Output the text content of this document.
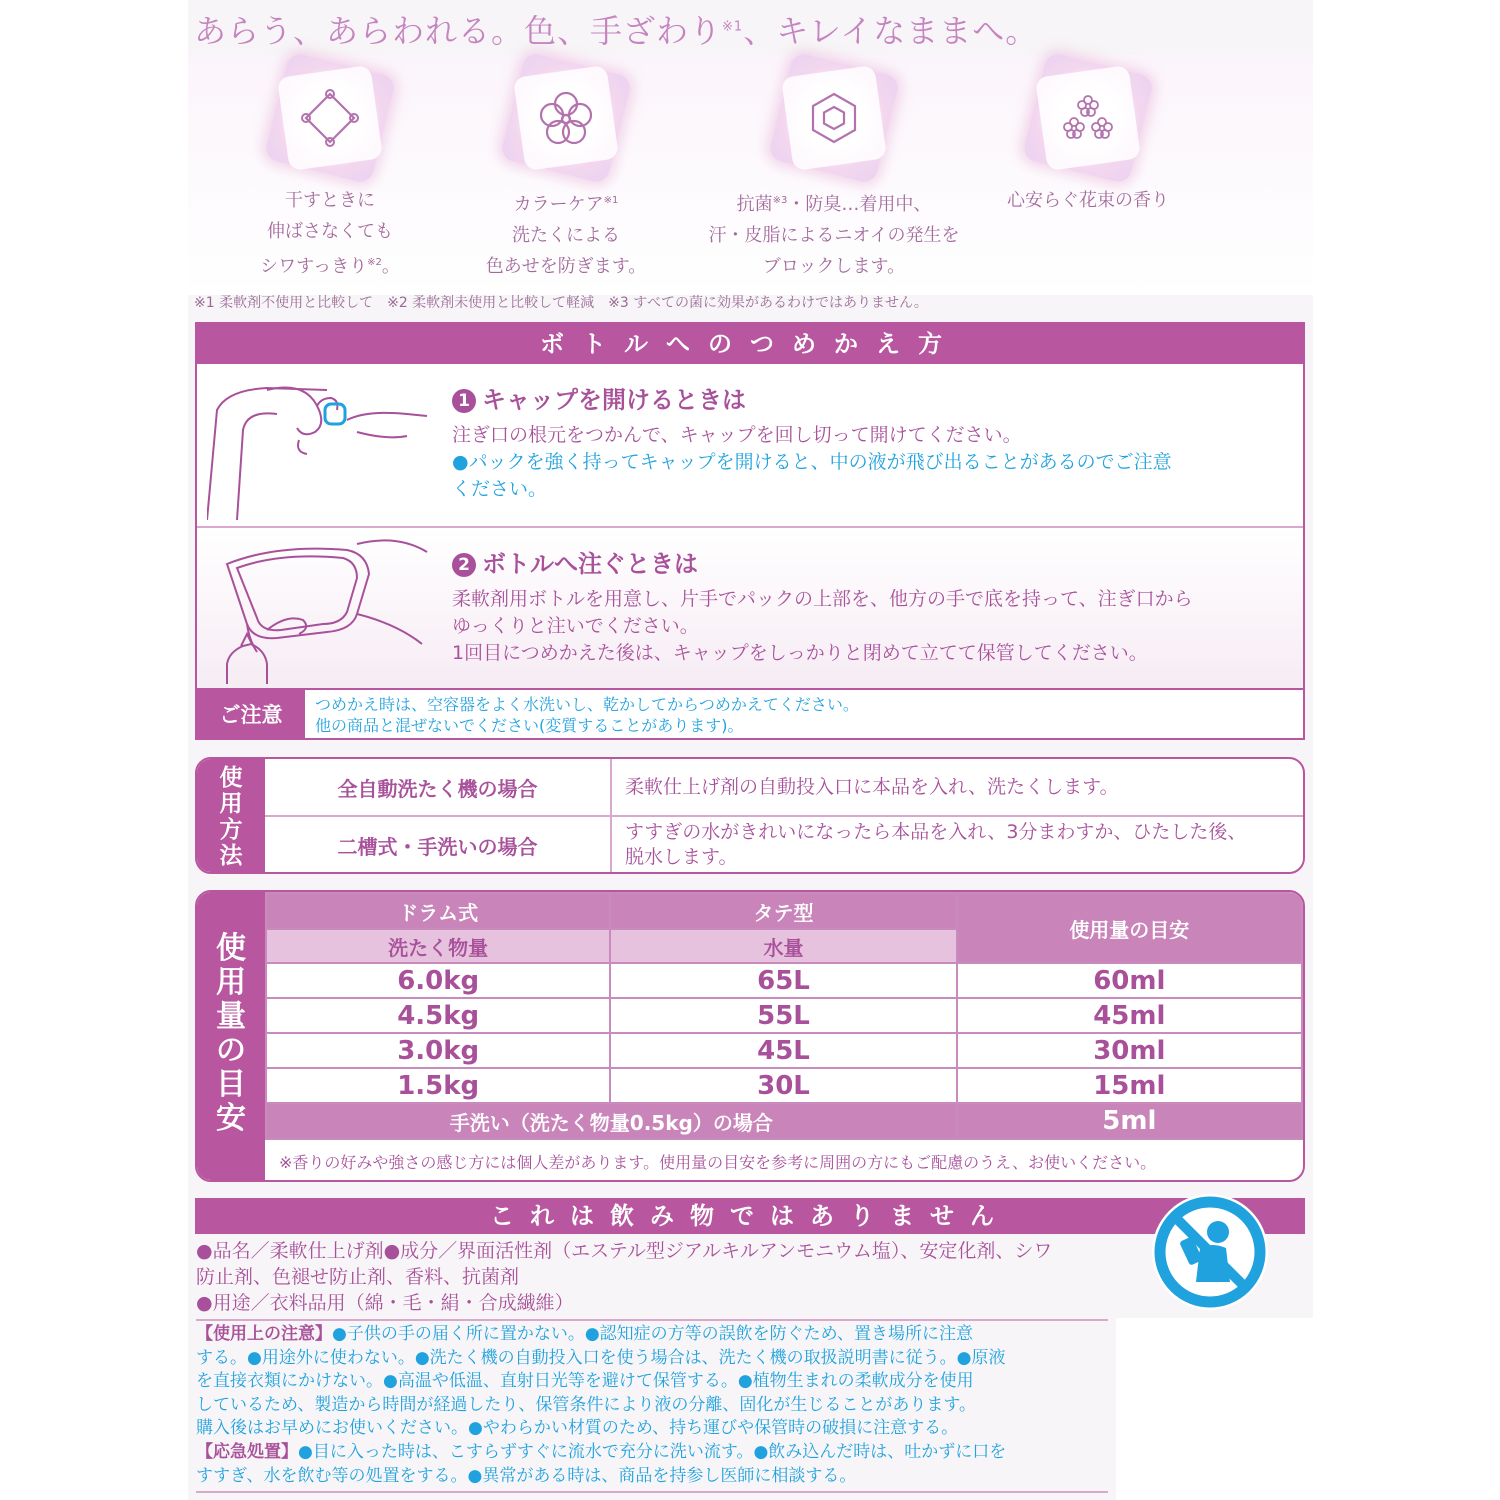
あらう、あらわれる。色、手ざわり$^{※1}$、キレイなままへ。
干すときに
伸ばさなくても
シワすっきり$^{※2}$。
カラーケア$^{※1}$
洗たくによる
色あせを防ぎます。
抗菌$^{※3}$・防臭…着用中、
汗・皮脂によるニオイの発生を
ブロックします。
心安らぐ花束の香り
※1 柔軟剤不使用と比較して　※2 柔軟剤未使用と比較して軽減　※3 すべての菌に効果があるわけではありません。
ボトルへのつめかえ方
1 キャップを開けるときは
注ぎ口の根元をつかんで、キャップを回し切って開けてください。
●パックを強く持ってキャップを開けると、中の液が飛び出ることがあるのでご注意
ください。
2 ボトルへ注ぐときは
柔軟剤用ボトルを用意し、片手でパックの上部を、他方の手で底を持って、注ぎ口から
ゆっくりと注いでください。
1回目につめかえた後は、キャップをしっかりと閉めて立てて保管してください。
ご注意	つめかえ時は、空容器をよく水洗いし、乾かしてからつめかえてください。
他の商品と混ぜないでください(変質することがあります)。
使
用
方
法
全自動洗たく機の場合	柔軟仕上げ剤の自動投入口に本品を入れ、洗たくします。
二槽式・手洗いの場合
すすぎの水がきれいになったら本品を入れ、3分まわすか、ひたした後、
脱水します。
使
用
量
の
目
安
ドラム式	タテ型	使用量の目安
洗たく物量	水量	
6.0kg	65L	60ml
4.5kg	55L	45ml
3.0kg	45L	30ml
1.5kg	30L	15ml
手洗い（洗たく物量0.5kg）の場合		5ml
※香りの好みや強さの感じ方には個人差があります。使用量の目安を参考に周囲の方にもご配慮のうえ、お使いください。
これは飲み物ではありません
●品名／柔軟仕上げ剤●成分／界面活性剤（エステル型ジアルキルアンモニウム塩）、安定化剤、シワ
防止剤、色褪せ防止剤、香料、抗菌剤
●用途／衣料品用（綿・毛・絹・合成繊維）
【使用上の注意】●子供の手の届く所に置かない。●認知症の方等の誤飲を防ぐため、置き場所に注意
する。●用途外に使わない。●洗たく機の自動投入口を使う場合は、洗たく機の取扱説明書に従う。●原液
を直接衣類にかけない。●高温や低温、直射日光等を避けて保管する。●植物生まれの柔軟成分を使用
しているため、製造から時間が経過したり、保管条件により液の分離、固化が生じることがあります。
購入後はお早めにお使いください。●やわらかい材質のため、持ち運びや保管時の破損に注意する。
【応急処置】●目に入った時は、こすらずすぐに流水で充分に洗い流す。●飲み込んだ時は、吐かずに口を
すすぎ、水を飲む等の処置をする。●異常がある時は、商品を持参し医師に相談する。
